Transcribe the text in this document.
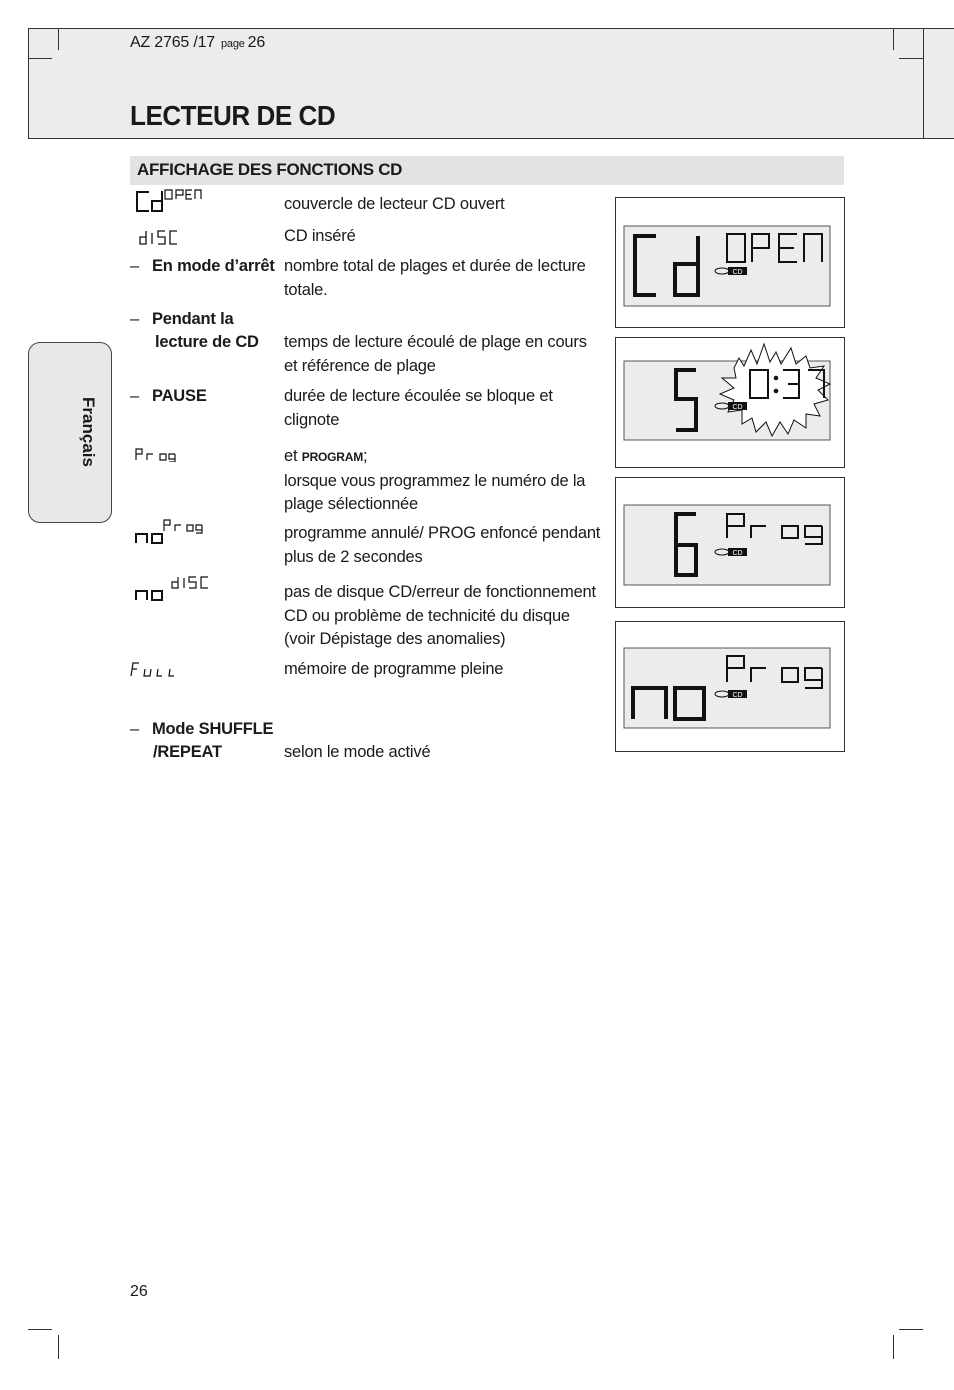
AZ 2765 /17 page 26
LECTEUR DE CD
Français
AFFICHAGE DES FONCTIONS CD
couvercle de lecteur CD ouvert
CD inséré
– En mode d’arrêt nombre total de plages et durée de lecture totale.
– Pendant la
lecture de CD temps de lecture écoulé de plage en cours et référence de plage
– PAUSE	durée de lecture écoulée se bloque et clignote
et PROGRAM;
lorsque vous programmez le numéro de la plage sélectionnée
programme annulé/ PROG enfoncé pendant plus de 2 secondes
pas de disque CD/erreur de fonctionnement CD ou problème de technicité du disque (voir Dépistage des anomalies)
mémoire de programme pleine
– Mode SHUFFLE
/REPEAT	selon le mode activé
CD
CD
CD
CD
26
